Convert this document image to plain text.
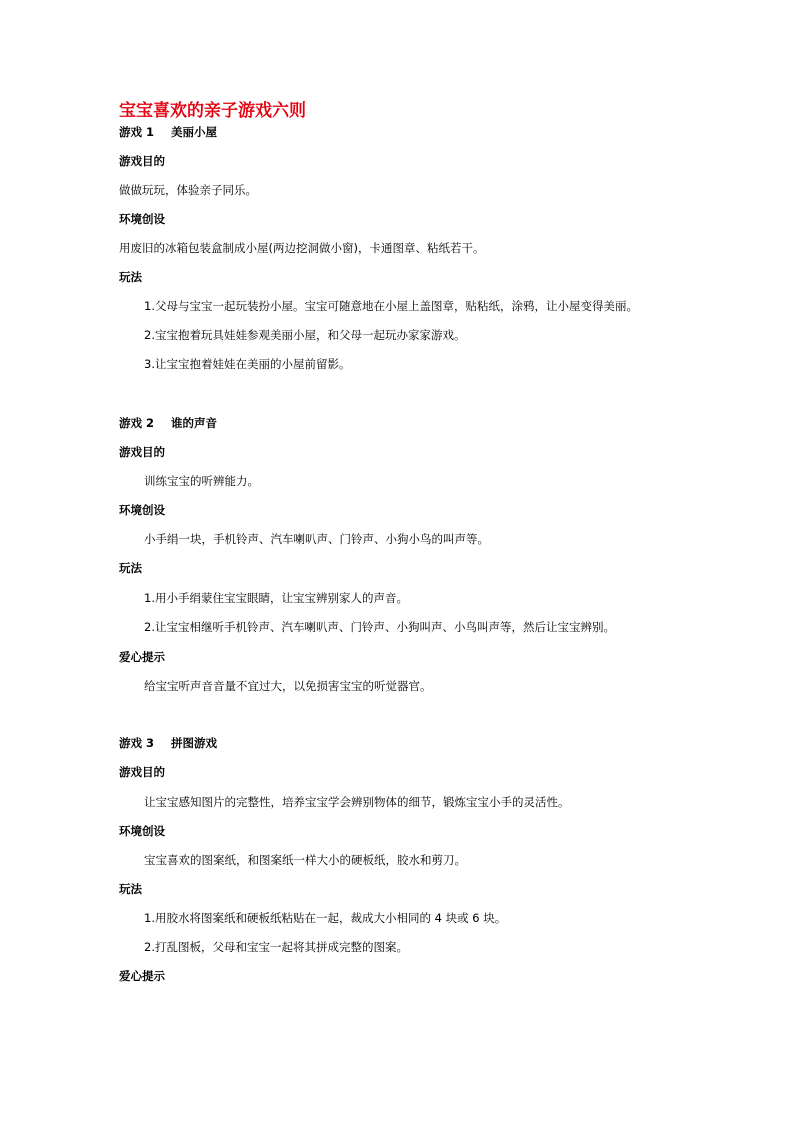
宝宝喜欢的亲子游戏六则
游戏 1 美丽小屋
游戏目的
做做玩玩，体验亲子同乐。
环境创设
用废旧的冰箱包装盒制成小屋(两边挖洞做小窗)，卡通图章、粘纸若干。
玩法
1.父母与宝宝一起玩装扮小屋。宝宝可随意地在小屋上盖图章，贴粘纸，涂鸦，让小屋变得美丽。
2.宝宝抱着玩具娃娃参观美丽小屋，和父母一起玩办家家游戏。
3.让宝宝抱着娃娃在美丽的小屋前留影。
游戏 2 谁的声音
游戏目的
训练宝宝的听辨能力。
环境创设
小手绢一块，手机铃声、汽车喇叭声、门铃声、小狗小鸟的叫声等。
玩法
1.用小手绢蒙住宝宝眼睛，让宝宝辨别家人的声音。
2.让宝宝相继听手机铃声、汽车喇叭声、门铃声、小狗叫声、小鸟叫声等，然后让宝宝辨别。
爱心提示
给宝宝听声音音量不宜过大，以免损害宝宝的听觉器官。
游戏 3 拼图游戏
游戏目的
让宝宝感知图片的完整性，培养宝宝学会辨别物体的细节，锻炼宝宝小手的灵活性。
环境创设
宝宝喜欢的图案纸，和图案纸一样大小的硬板纸，胶水和剪刀。
玩法
1.用胶水将图案纸和硬板纸粘贴在一起，裁成大小相同的 4 块或 6 块。
2.打乱图板，父母和宝宝一起将其拼成完整的图案。
爱心提示
